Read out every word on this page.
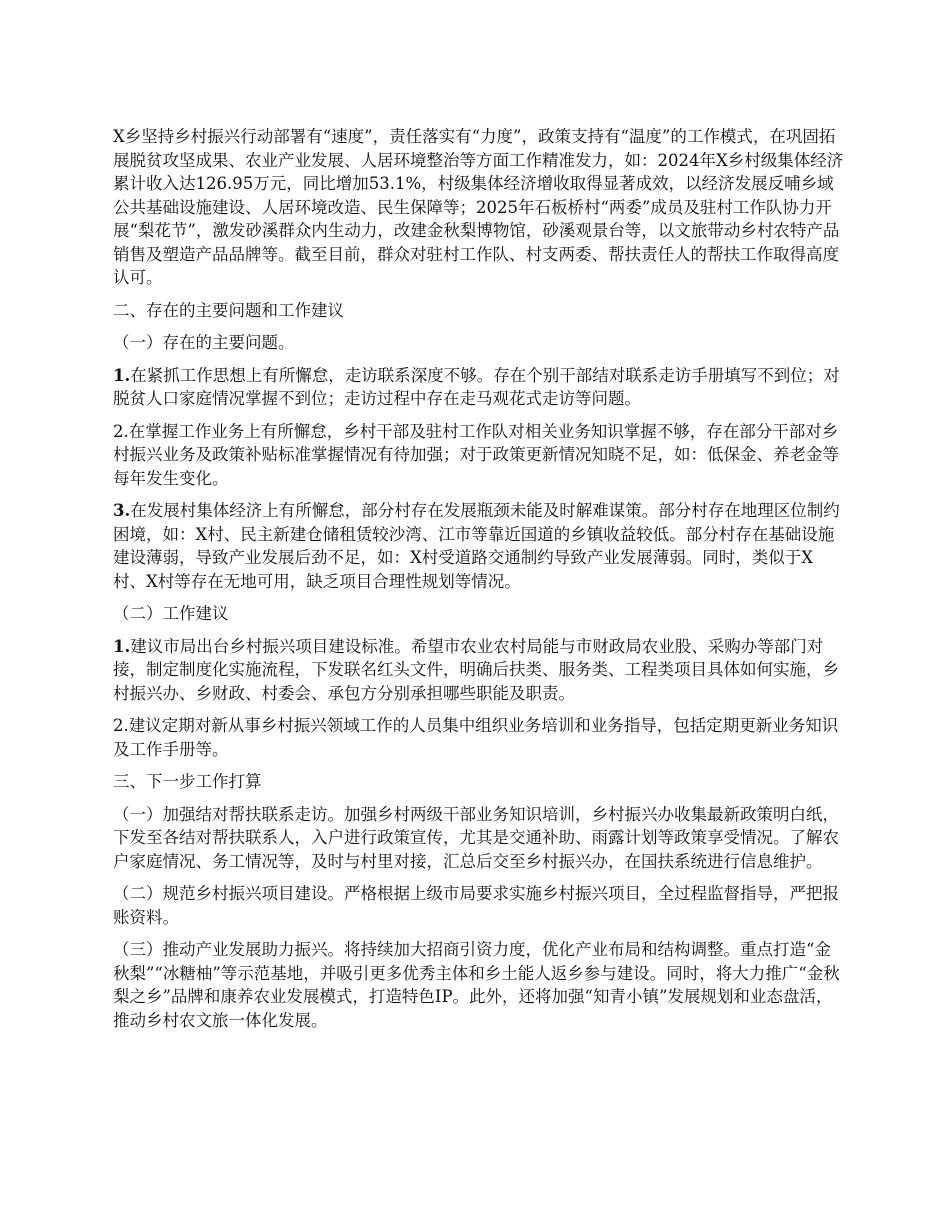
X乡坚持乡村振兴行动部署有“速度”，责任落实有“力度”，政策支持有“温度”的工作模式，在巩固拓展脱贫攻坚成果、农业产业发展、人居环境整治等方面工作精准发力，如：2024年X乡村级集体经济累计收入达126.95万元，同比增加53.1%，村级集体经济增收取得显著成效，以经济发展反哺乡域公共基础设施建设、人居环境改造、民生保障等；2025年石板桥村“两委”成员及驻村工作队协力开展“梨花节”，激发砂溪群众内生动力，改建金秋梨博物馆，砂溪观景台等，以文旅带动乡村农特产品销售及塑造产品品牌等。截至目前，群众对驻村工作队、村支两委、帮扶责任人的帮扶工作取得高度认可。

二、存在的主要问题和工作建议

（一）存在的主要问题。

1.在紧抓工作思想上有所懈怠，走访联系深度不够。存在个别干部结对联系走访手册填写不到位；对脱贫人口家庭情况掌握不到位；走访过程中存在走马观花式走访等问题。

2.在掌握工作业务上有所懈怠，乡村干部及驻村工作队对相关业务知识掌握不够，存在部分干部对乡村振兴业务及政策补贴标准掌握情况有待加强；对于政策更新情况知晓不足，如：低保金、养老金等每年发生变化。

3.在发展村集体经济上有所懈怠，部分村存在发展瓶颈未能及时解难谋策。部分村存在地理区位制约困境，如：X村、民主新建仓储租赁较沙湾、江市等靠近国道的乡镇收益较低。部分村存在基础设施建设薄弱，导致产业发展后劲不足，如：X村受道路交通制约导致产业发展薄弱。同时，类似于X村、X村等存在无地可用，缺乏项目合理性规划等情况。

（二）工作建议

1.建议市局出台乡村振兴项目建设标准。希望市农业农村局能与市财政局农业股、采购办等部门对接，制定制度化实施流程，下发联名红头文件，明确后扶类、服务类、工程类项目具体如何实施，乡村振兴办、乡财政、村委会、承包方分别承担哪些职能及职责。

2.建议定期对新从事乡村振兴领域工作的人员集中组织业务培训和业务指导，包括定期更新业务知识及工作手册等。

三、下一步工作打算

（一）加强结对帮扶联系走访。加强乡村两级干部业务知识培训，乡村振兴办收集最新政策明白纸，下发至各结对帮扶联系人，入户进行政策宣传，尤其是交通补助、雨露计划等政策享受情况。了解农户家庭情况、务工情况等，及时与村里对接，汇总后交至乡村振兴办，在国扶系统进行信息维护。

（二）规范乡村振兴项目建设。严格根据上级市局要求实施乡村振兴项目，全过程监督指导，严把报账资料。

（三）推动产业发展助力振兴。将持续加大招商引资力度，优化产业布局和结构调整。重点打造“金秋梨”“冰糖柚”等示范基地，并吸引更多优秀主体和乡土能人返乡参与建设。同时，将大力推广“金秋梨之乡”品牌和康养农业发展模式，打造特色IP。此外，还将加强“知青小镇”发展规划和业态盘活，推动乡村农文旅一体化发展。
